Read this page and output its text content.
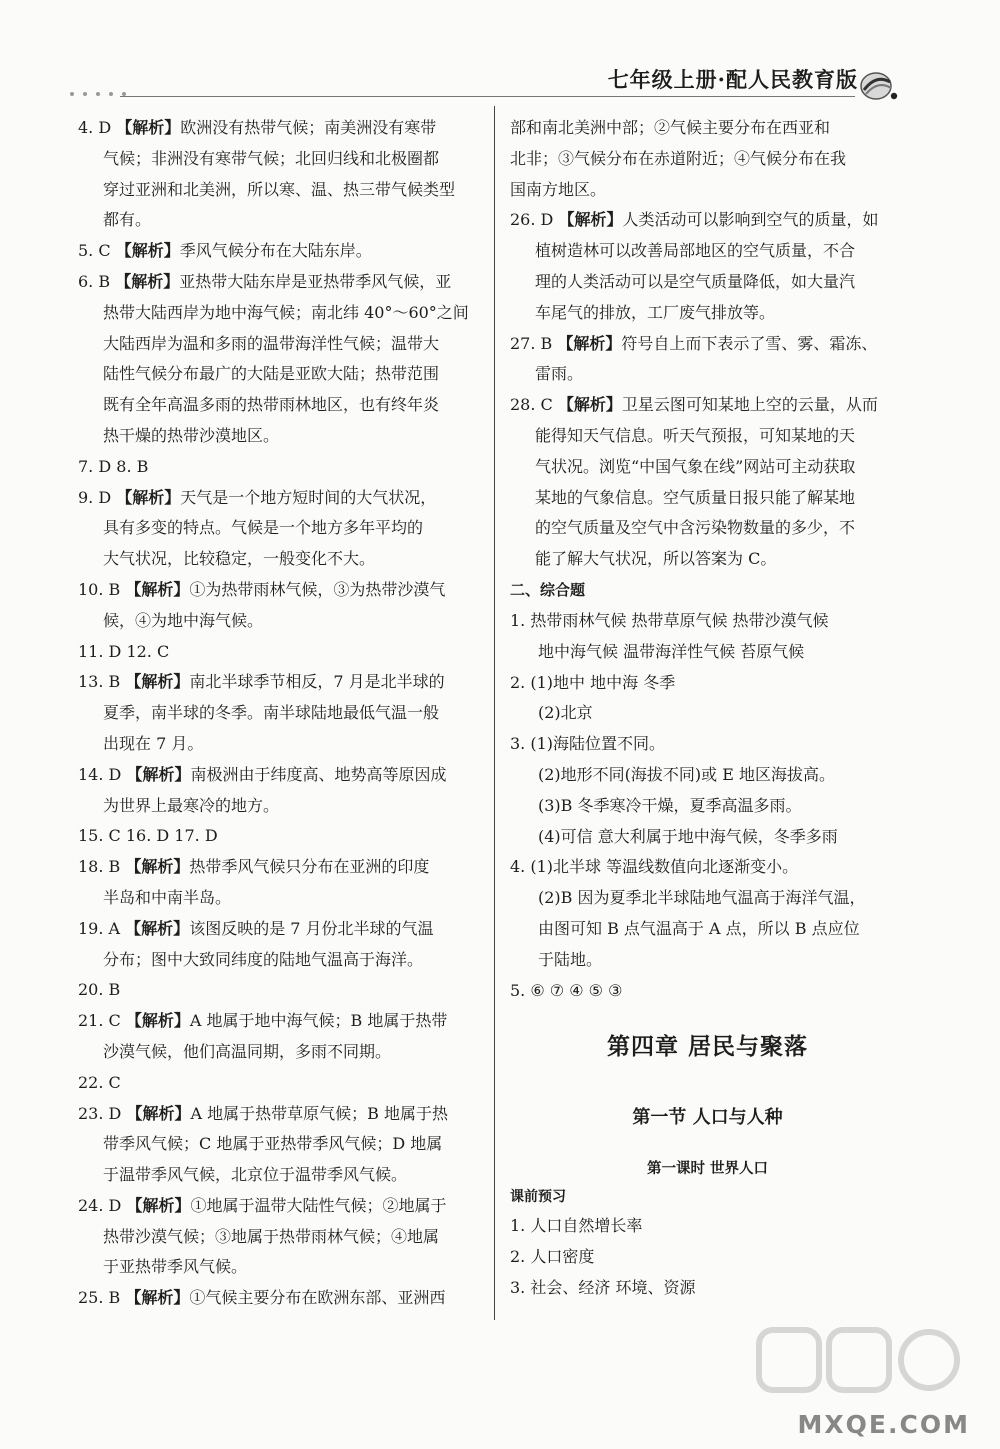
七年级上册·配人民教育版

4. D 【解析】欧洲没有热带气候；南美洲没有寒带

气候；非洲没有寒带气候；北回归线和北极圈都

穿过亚洲和北美洲，所以寒、温、热三带气候类型

都有。

5. C 【解析】季风气候分布在大陆东岸。

6. B 【解析】亚热带大陆东岸是亚热带季风气候，亚

热带大陆西岸为地中海气候；南北纬 40°～60°之间

大陆西岸为温和多雨的温带海洋性气候；温带大

陆性气候分布最广的大陆是亚欧大陆；热带范围

既有全年高温多雨的热带雨林地区，也有终年炎

热干燥的热带沙漠地区。

7. D 8. B

9. D 【解析】天气是一个地方短时间的大气状况，

具有多变的特点。气候是一个地方多年平均的

大气状况，比较稳定，一般变化不大。

10. B 【解析】①为热带雨林气候，③为热带沙漠气

候，④为地中海气候。

11. D 12. C

13. B 【解析】南北半球季节相反，7 月是北半球的

夏季，南半球的冬季。南半球陆地最低气温一般

出现在 7 月。

14. D 【解析】南极洲由于纬度高、地势高等原因成

为世界上最寒冷的地方。

15. C 16. D 17. D

18. B 【解析】热带季风气候只分布在亚洲的印度

半岛和中南半岛。

19. A 【解析】该图反映的是 7 月份北半球的气温

分布；图中大致同纬度的陆地气温高于海洋。

20. B

21. C 【解析】A 地属于地中海气候；B 地属于热带

沙漠气候，他们高温同期，多雨不同期。

22. C

23. D 【解析】A 地属于热带草原气候；B 地属于热

带季风气候；C 地属于亚热带季风气候；D 地属

于温带季风气候，北京位于温带季风气候。

24. D 【解析】①地属于温带大陆性气候；②地属于

热带沙漠气候；③地属于热带雨林气候；④地属

于亚热带季风气候。

25. B 【解析】①气候主要分布在欧洲东部、亚洲西

部和南北美洲中部；②气候主要分布在西亚和

北非；③气候分布在赤道附近；④气候分布在我

国南方地区。

26. D 【解析】人类活动可以影响到空气的质量，如

植树造林可以改善局部地区的空气质量，不合

理的人类活动可以是空气质量降低，如大量汽

车尾气的排放，工厂废气排放等。

27. B 【解析】符号自上而下表示了雪、雾、霜冻、

雷雨。

28. C 【解析】卫星云图可知某地上空的云量，从而

能得知天气信息。听天气预报，可知某地的天

气状况。浏览“中国气象在线”网站可主动获取

某地的气象信息。空气质量日报只能了解某地

的空气质量及空气中含污染物数量的多少，不

能了解大气状况，所以答案为 C。

二、综合题

1. 热带雨林气候 热带草原气候 热带沙漠气候

地中海气候 温带海洋性气候 苔原气候

2. (1)地中 地中海 冬季

(2)北京

3. (1)海陆位置不同。

(2)地形不同(海拔不同)或 E 地区海拔高。

(3)B 冬季寒冷干燥，夏季高温多雨。

(4)可信 意大利属于地中海气候，冬季多雨

4. (1)北半球 等温线数值向北逐渐变小。

(2)B 因为夏季北半球陆地气温高于海洋气温，

由图可知 B 点气温高于 A 点，所以 B 点应位

于陆地。

5. ⑥ ⑦ ④ ⑤ ③

第四章 居民与聚落
第一节 人口与人种
第一课时 世界人口
课前预习

1. 人口自然增长率

2. 人口密度

3. 社会、经济 环境、资源

MXQE.COM
